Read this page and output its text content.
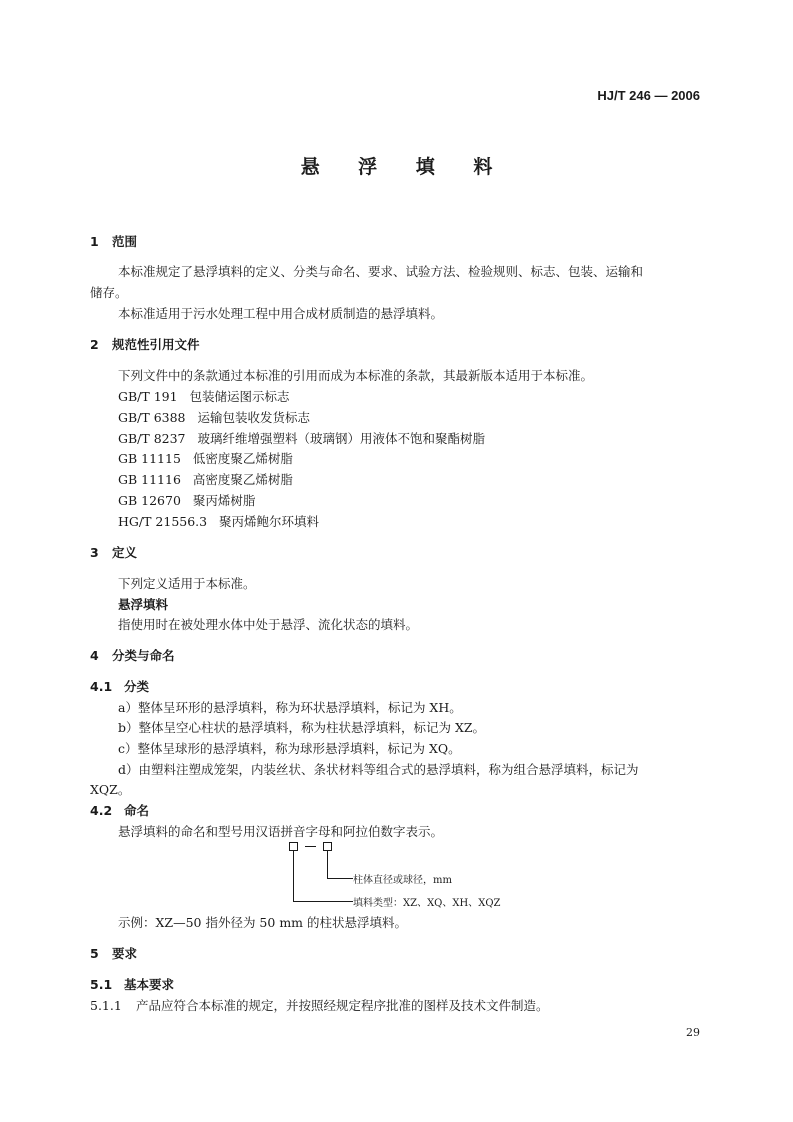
HJ/T 246 — 2006
悬 浮 填 料
1 范围
本标准规定了悬浮填料的定义、分类与命名、要求、试验方法、检验规则、标志、包装、运输和
储存。
本标准适用于污水处理工程中用合成材质制造的悬浮填料。
2 规范性引用文件
下列文件中的条款通过本标准的引用而成为本标准的条款，其最新版本适用于本标准。
GB/T 191 包装储运图示标志
GB/T 6388 运输包装收发货标志
GB/T 8237 玻璃纤维增强塑料（玻璃钢）用液体不饱和聚酯树脂
GB 11115 低密度聚乙烯树脂
GB 11116 高密度聚乙烯树脂
GB 12670 聚丙烯树脂
HG/T 21556.3 聚丙烯鲍尔环填料
3 定义
下列定义适用于本标准。
悬浮填料
指使用时在被处理水体中处于悬浮、流化状态的填料。
4 分类与命名
4.1 分类
a）整体呈环形的悬浮填料，称为环状悬浮填料，标记为 XH。
b）整体呈空心柱状的悬浮填料，称为柱状悬浮填料，标记为 XZ。
c）整体呈球形的悬浮填料，称为球形悬浮填料，标记为 XQ。
d）由塑料注塑成笼架，内装丝状、条状材料等组合式的悬浮填料，称为组合悬浮填料，标记为
XQZ。
4.2 命名
悬浮填料的命名和型号用汉语拼音字母和阿拉伯数字表示。
柱体直径或球径，mm
填料类型：XZ、XQ、XH、XQZ
示例：XZ—50 指外径为 50 mm 的柱状悬浮填料。
5 要求
5.1 基本要求
5.1.1 产品应符合本标准的规定，并按照经规定程序批准的图样及技术文件制造。
29
